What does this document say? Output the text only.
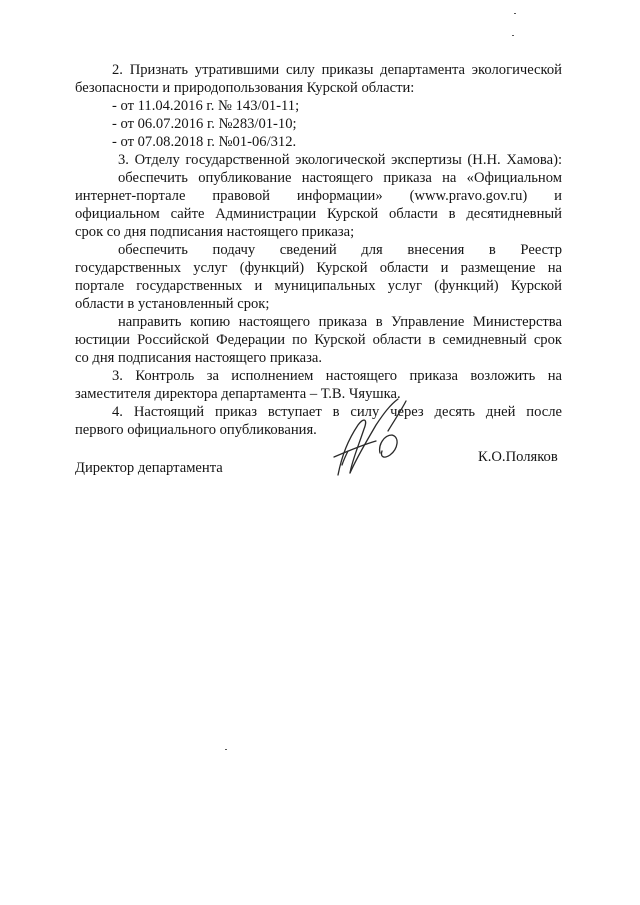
2. Признать утратившими силу приказы департамента экологической

безопасности и природопользования Курской области:

- от 11.04.2016 г. № 143/01-11;

- от 06.07.2016 г. №283/01-10;

- от 07.08.2018 г. №01-06/312.

3. Отделу государственной экологической экспертизы (Н.Н. Хамова):

обеспечить опубликование настоящего приказа на «Официальном

интернет-портале правовой информации» (www.pravo.gov.ru) и

официальном сайте Администрации Курской области в десятидневный

срок со дня подписания настоящего приказа;

обеспечить подачу сведений для внесения в Реестр

государственных услуг (функций) Курской области и размещение на

портале государственных и муниципальных услуг (функций) Курской

области в установленный срок;

направить копию настоящего приказа в Управление Министерства

юстиции Российской Федерации по Курской области в семидневный срок

со дня подписания настоящего приказа.

3. Контроль за исполнением настоящего приказа возложить на

заместителя директора департамента – Т.В. Чяушка.

4. Настоящий приказ вступает в силу через десять дней после

первого официального опубликования.

К.О.Поляков

Директор департамента
